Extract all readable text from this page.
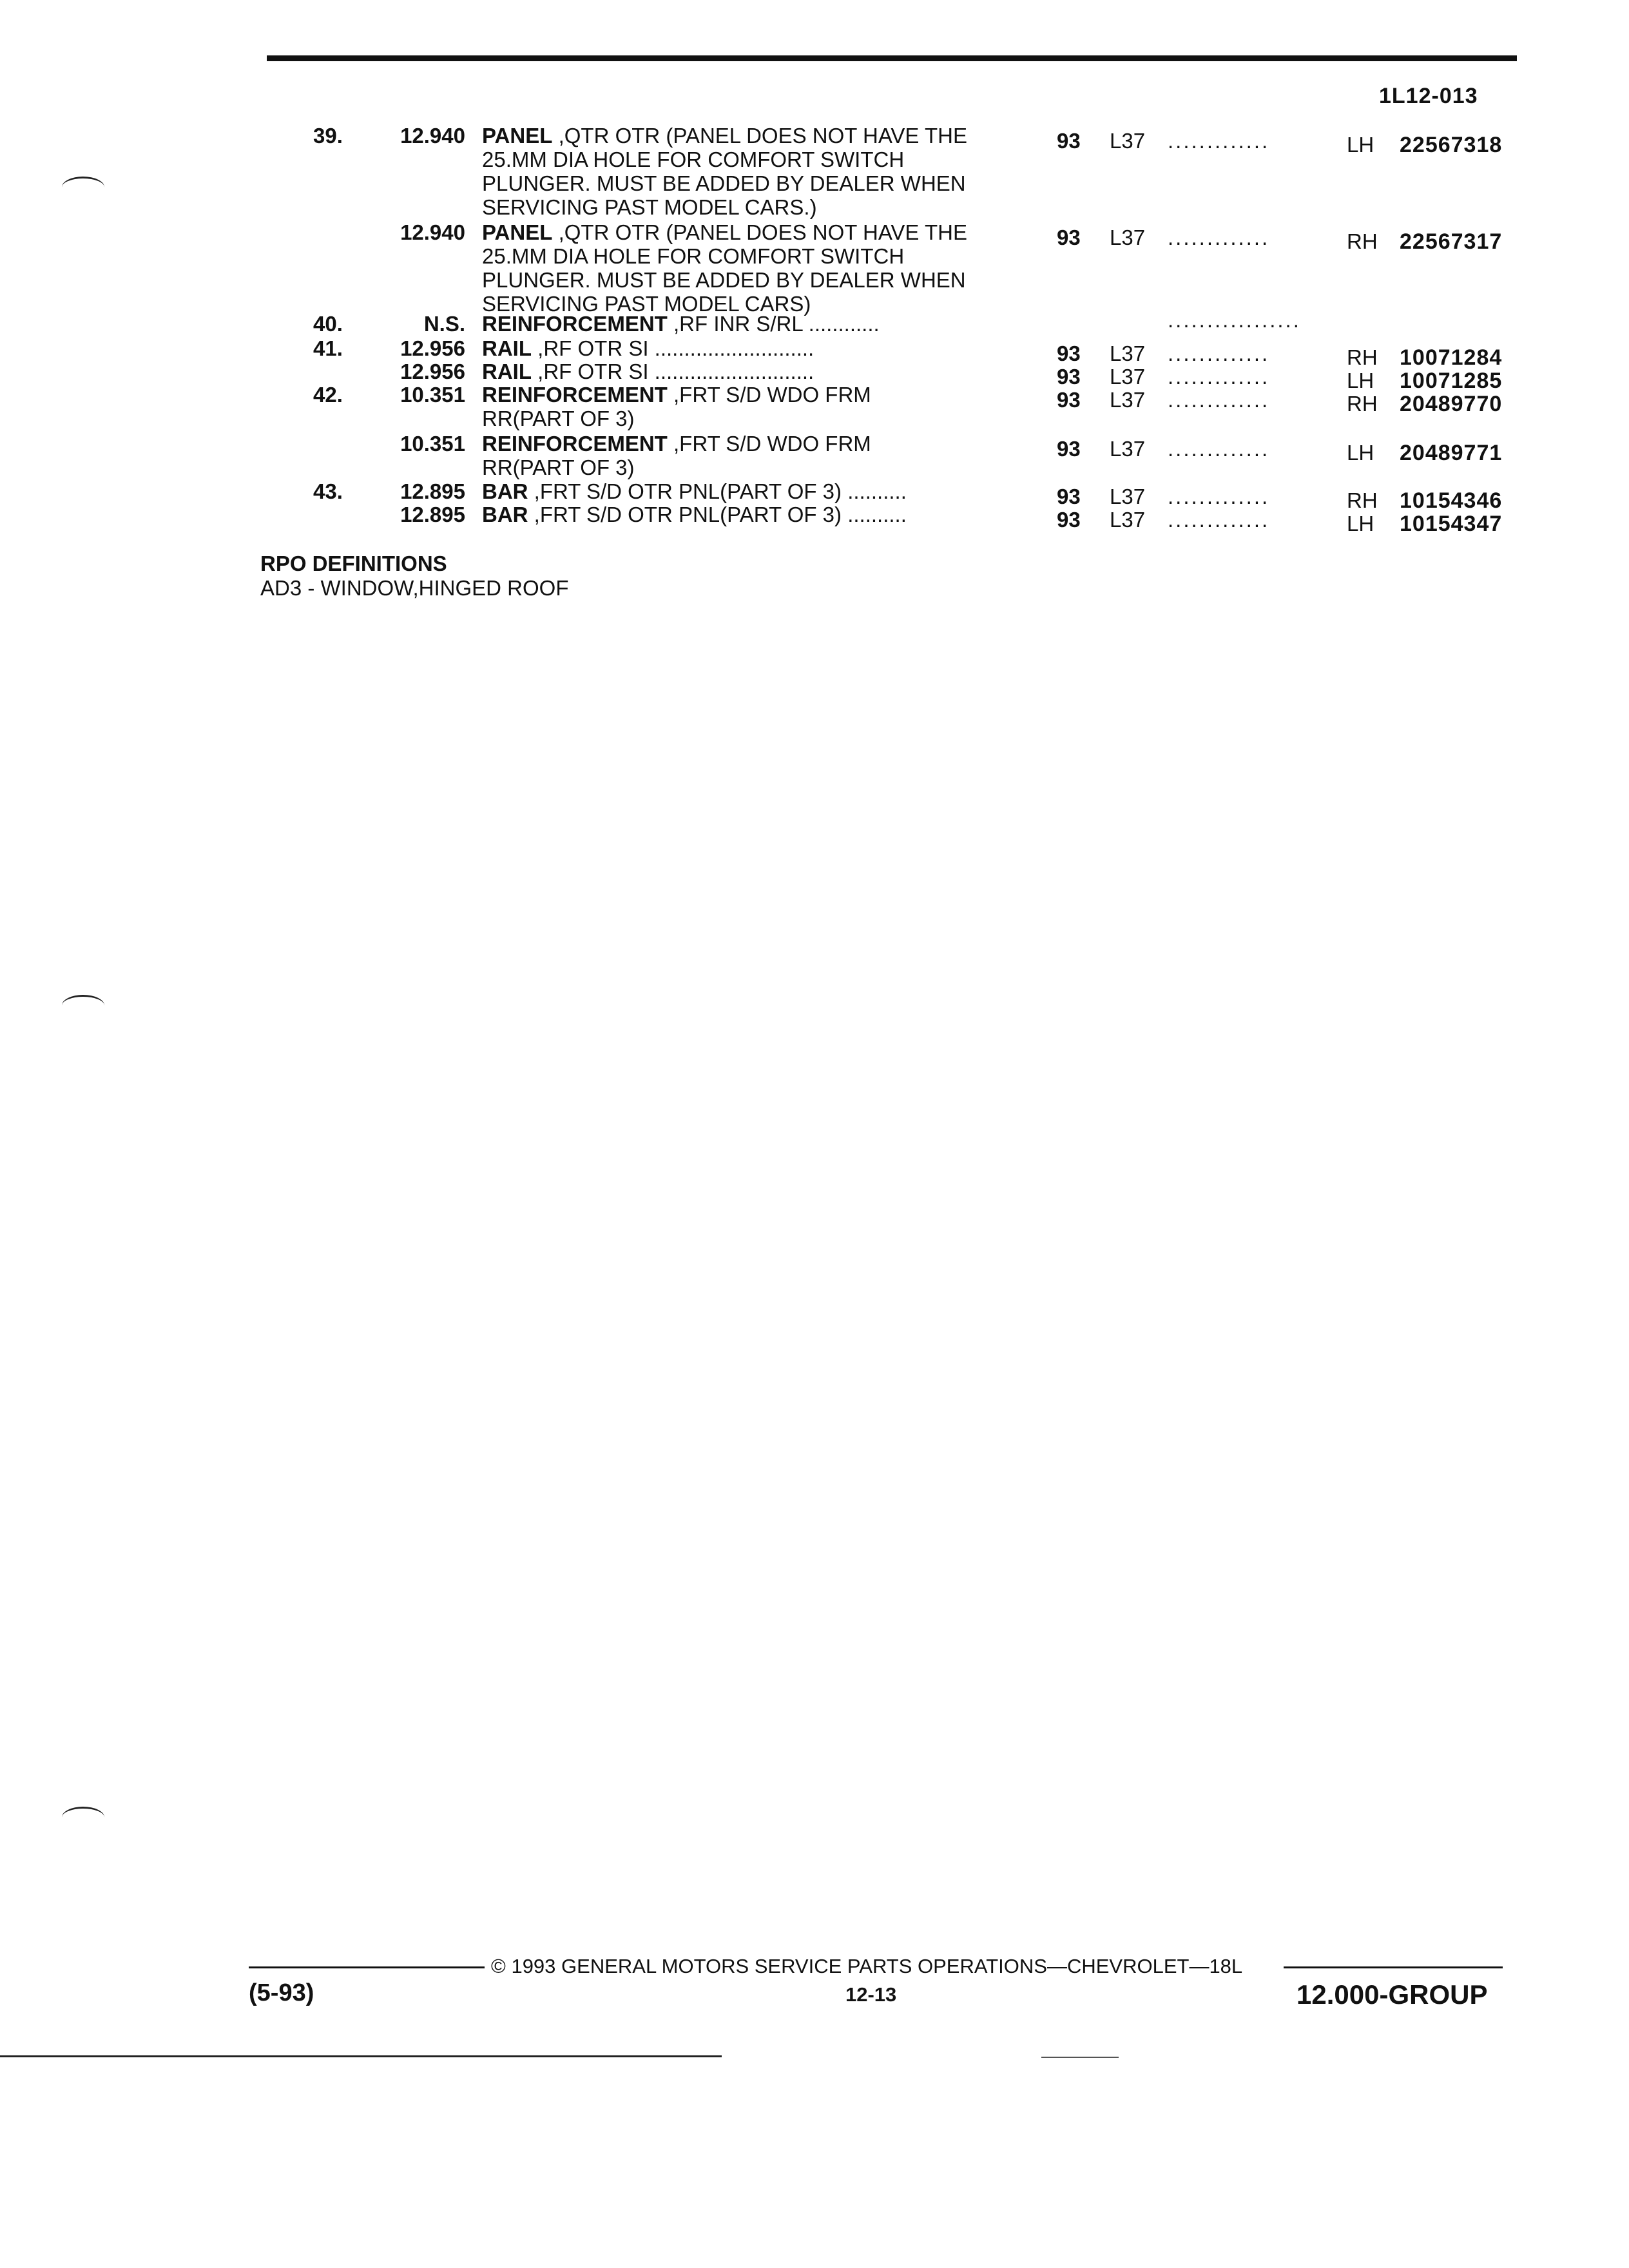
1L12-013
39.	12.940 PANEL ,QTR OTR (PANEL DOES NOT HAVE THE
25.MM DIA HOLE FOR COMFORT SWITCH
PLUNGER. MUST BE ADDED BY DEALER WHEN
SERVICING PAST MODEL CARS.)
93 L37 .............	LH 22567318
12.940 PANEL ,QTR OTR (PANEL DOES NOT HAVE THE
25.MM DIA HOLE FOR COMFORT SWITCH
PLUNGER. MUST BE ADDED BY DEALER WHEN
SERVICING PAST MODEL CARS)
93 L37 .............	RH 22567317
40.	N.S. REINFORCEMENT ,RF INR S/RL ............	.................
41.	12.956 RAIL ,RF OTR SI ...........................	93 L37 .............	RH 10071284
12.956 RAIL ,RF OTR SI ...........................	93 L37 .............	LH 10071285
42.	10.351 REINFORCEMENT ,FRT S/D WDO FRM
RR(PART OF 3)
93 L37 .............	RH 20489770
10.351 REINFORCEMENT ,FRT S/D WDO FRM
RR(PART OF 3)
93 L37 .............	LH 20489771
43.	12.895 BAR ,FRT S/D OTR PNL(PART OF 3) ..........	93 L37 .............	RH 10154346
12.895 BAR ,FRT S/D OTR PNL(PART OF 3) ..........	93 L37 .............	LH 10154347
RPO DEFINITIONS
AD3 - WINDOW,HINGED ROOF
© 1993 GENERAL MOTORS SERVICE PARTS OPERATIONS—CHEVROLET—18L
(5-93)	12-13	12.000-GROUP
